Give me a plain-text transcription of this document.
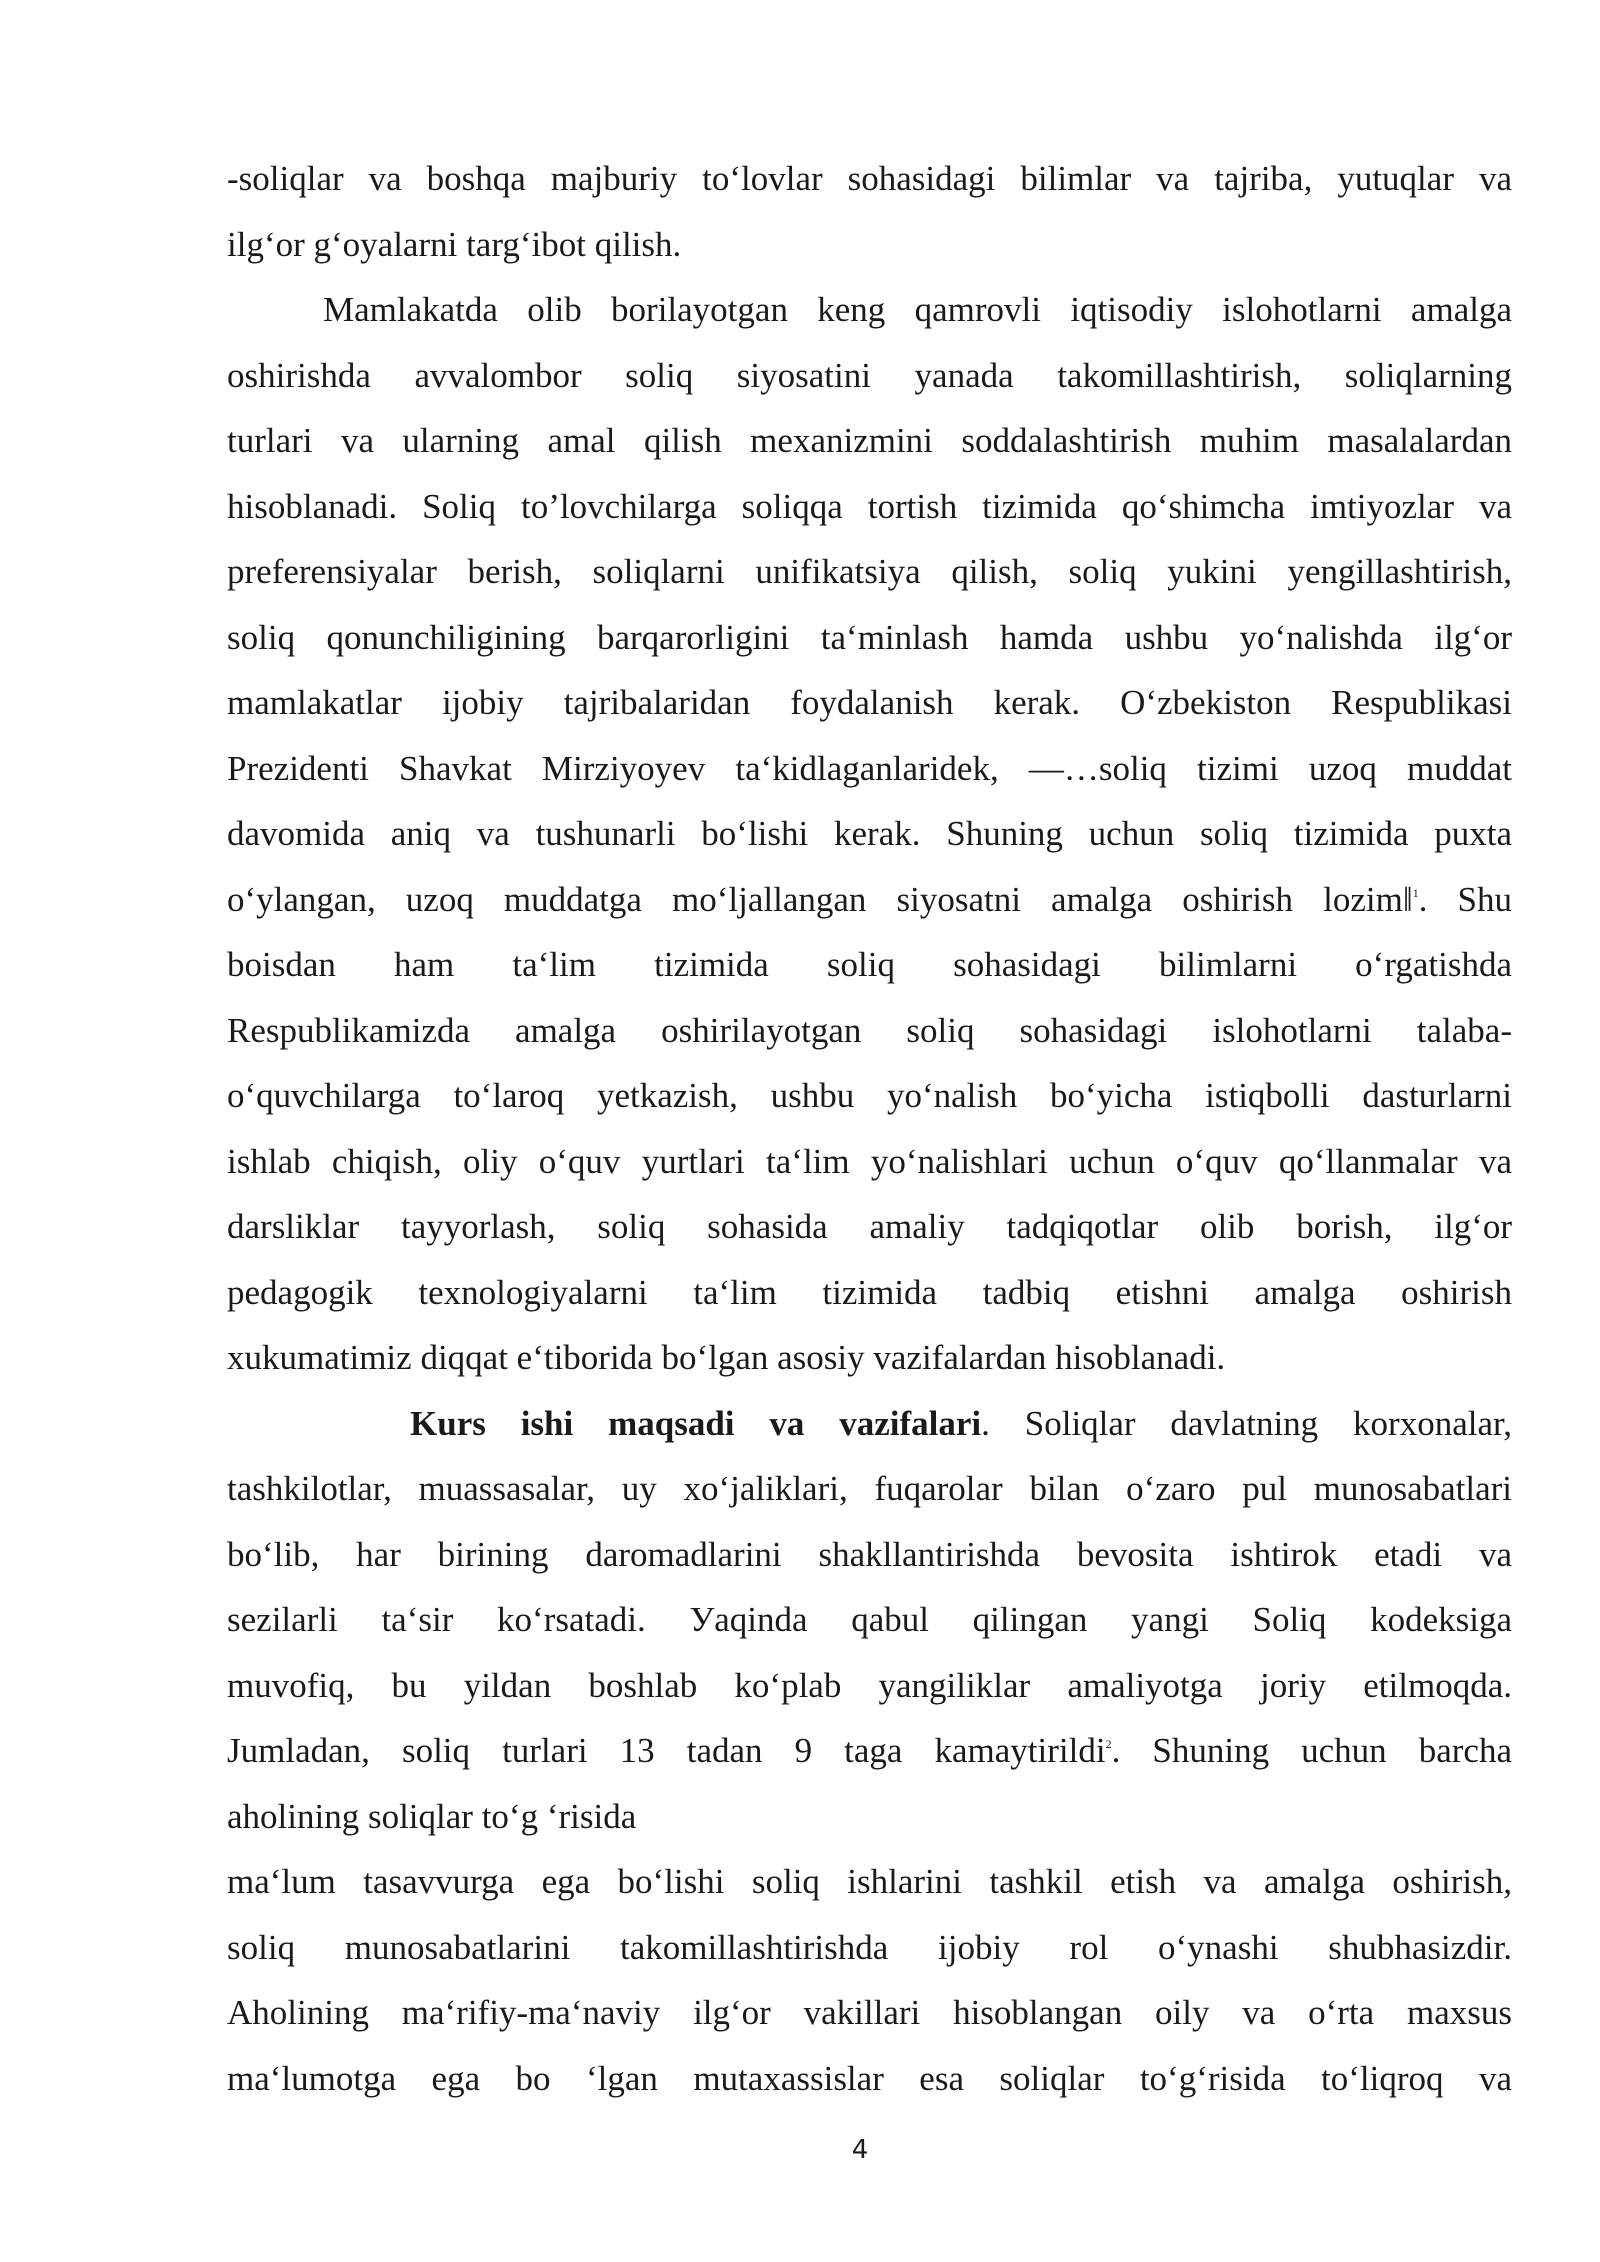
-soliqlar va boshqa majburiy to‘lovlar sohasidagi bilimlar va tajriba, yutuqlar va
ilg‘or g‘oyalarni targ‘ibot qilish.
Mamlakatda olib borilayotgan keng qamrovli iqtisodiy islohotlarni amalga
oshirishda avvalombor soliq siyosatini yanada takomillashtirish, soliqlarning
turlari va ularning amal qilish mexanizmini soddalashtirish muhim masalalardan
hisoblanadi. Soliq to’lovchilarga soliqqa tortish tizimida qo‘shimcha imtiyozlar va
preferensiyalar berish, soliqlarni unifikatsiya qilish, soliq yukini yengillashtirish,
soliq qonunchiligining barqarorligini ta‘minlash hamda ushbu yo‘nalishda ilg‘or
mamlakatlar ijobiy tajribalaridan foydalanish kerak. O‘zbekiston Respublikasi
Prezidenti Shavkat Mirziyoyev ta‘kidlaganlaridek, ―…soliq tizimi uzoq muddat
davomida aniq va tushunarli bo‘lishi kerak. Shuning uchun soliq tizimida puxta
o‘ylangan, uzoq muddatga mo‘ljallangan siyosatni amalga oshirish lozim‖$^1$. Shu
boisdan ham ta‘lim tizimida soliq sohasidagi bilimlarni o‘rgatishda
Respublikamizda amalga oshirilayotgan soliq sohasidagi islohotlarni talaba-
o‘quvchilarga to‘laroq yetkazish, ushbu yo‘nalish bo‘yicha istiqbolli dasturlarni
ishlab chiqish, oliy o‘quv yurtlari ta‘lim yo‘nalishlari uchun o‘quv qo‘llanmalar va
darsliklar tayyorlash, soliq sohasida amaliy tadqiqotlar olib borish, ilg‘or
pedagogik texnologiyalarni ta‘lim tizimida tadbiq etishni amalga oshirish
xukumatimiz diqqat e‘tiborida bo‘lgan asosiy vazifalardan hisoblanadi.
Kurs ishi maqsadi va vazifalari. Soliqlar davlatning korxonalar,
tashkilotlar, muassasalar, uy xo‘jaliklari, fuqarolar bilan o‘zaro pul munosabatlari
bo‘lib, har birining daromadlarini shakllantirishda bevosita ishtirok etadi va
sezilarli ta‘sir ko‘rsatadi. Уaqinda qabul qilingan yangi Soliq kodeksiga
muvofiq, bu yildan boshlab ko‘plab yangiliklar amaliyotga joriy etilmoqda.
Jumladan, soliq turlari 13 tadan 9 taga kamaytirildi$^2$. Shuning uchun barcha
aholining soliqlar to‘g ‘risida
ma‘lum tasavvurga ega bo‘lishi soliq ishlarini tashkil etish va amalga oshirish,
soliq munosabatlarini takomillashtirishda ijobiy rol o‘ynashi shubhasizdir.
Aholining ma‘rifiy-ma‘naviy ilg‘or vakillari hisoblangan oily va o‘rta maxsus
ma‘lumotga ega bo ‘lgan mutaxassislar esa soliqlar to‘g‘risida to‘liqroq va
4
